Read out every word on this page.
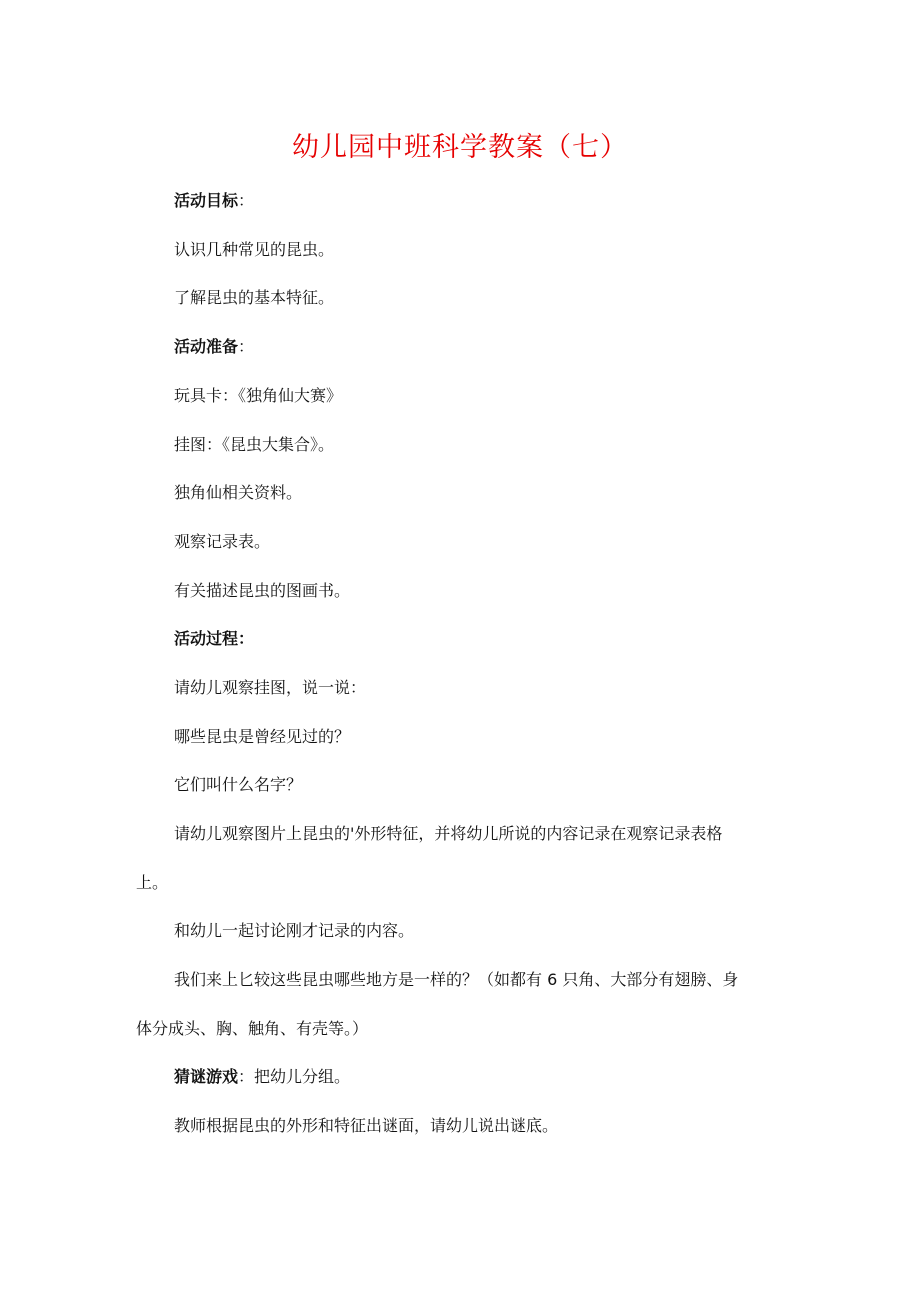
幼儿园中班科学教案（七）
活动目标：
认识几种常见的昆虫。
了解昆虫的基本特征。
活动准备：
玩具卡：《独角仙大赛》
挂图：《昆虫大集合》。
独角仙相关资料。
观察记录表。
有关描述昆虫的图画书。
活动过程：
请幼儿观察挂图，说一说：
哪些昆虫是曾经见过的？
它们叫什么名字？
请幼儿观察图片上昆虫的'外形特征，并将幼儿所说的内容记录在观察记录表格
上。
和幼儿一起讨论刚才记录的内容。
我们来上匕较这些昆虫哪些地方是一样的？（如都有 6 只角、大部分有翅膀、身
体分成头、胸、触角、有壳等。）
猜谜游戏：把幼儿分组。
教师根据昆虫的外形和特征出谜面，请幼儿说出谜底。
